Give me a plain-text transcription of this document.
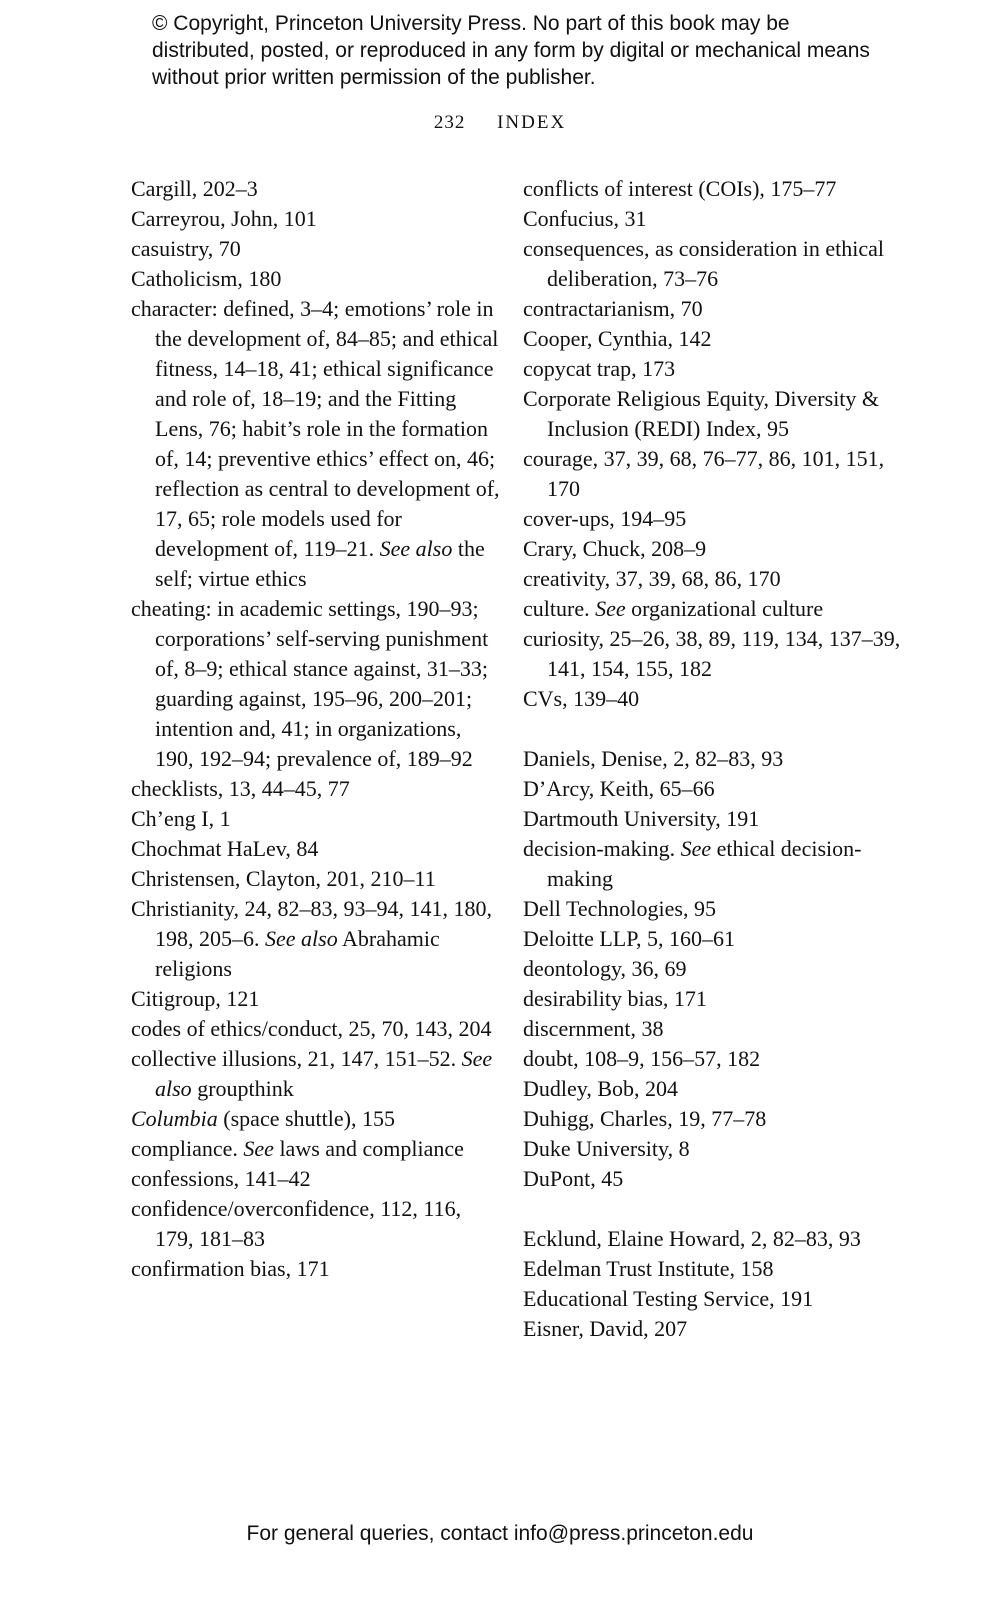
© Copyright, Princeton University Press. No part of this book may be distributed, posted, or reproduced in any form by digital or mechanical means without prior written permission of the publisher.
232 INDEX
Cargill, 202–3
Carreyrou, John, 101
casuistry, 70
Catholicism, 180
character: defined, 3–4; emotions’ role in the development of, 84–85; and ethical fitness, 14–18, 41; ethical significance and role of, 18–19; and the Fitting Lens, 76; habit’s role in the formation of, 14; preventive ethics’ effect on, 46; reflection as central to development of, 17, 65; role models used for development of, 119–21. See also the self; virtue ethics
cheating: in academic settings, 190–93; corporations’ self-serving punishment of, 8–9; ethical stance against, 31–33; guarding against, 195–96, 200–201; intention and, 41; in organizations, 190, 192–94; prevalence of, 189–92
checklists, 13, 44–45, 77
Ch’eng I, 1
Chochmat HaLev, 84
Christensen, Clayton, 201, 210–11
Christianity, 24, 82–83, 93–94, 141, 180, 198, 205–6. See also Abrahamic religions
Citigroup, 121
codes of ethics/conduct, 25, 70, 143, 204
collective illusions, 21, 147, 151–52. See also groupthink
Columbia (space shuttle), 155
compliance. See laws and compliance
confessions, 141–42
confidence/overconfidence, 112, 116, 179, 181–83
confirmation bias, 171
conflicts of interest (COIs), 175–77
Confucius, 31
consequences, as consideration in ethical deliberation, 73–76
contractarianism, 70
Cooper, Cynthia, 142
copycat trap, 173
Corporate Religious Equity, Diversity & Inclusion (REDI) Index, 95
courage, 37, 39, 68, 76–77, 86, 101, 151, 170
cover-ups, 194–95
Crary, Chuck, 208–9
creativity, 37, 39, 68, 86, 170
culture. See organizational culture
curiosity, 25–26, 38, 89, 119, 134, 137–39, 141, 154, 155, 182
CVs, 139–40
Daniels, Denise, 2, 82–83, 93
D’Arcy, Keith, 65–66
Dartmouth University, 191
decision-making. See ethical decision-making
Dell Technologies, 95
Deloitte LLP, 5, 160–61
deontology, 36, 69
desirability bias, 171
discernment, 38
doubt, 108–9, 156–57, 182
Dudley, Bob, 204
Duhigg, Charles, 19, 77–78
Duke University, 8
DuPont, 45
Ecklund, Elaine Howard, 2, 82–83, 93
Edelman Trust Institute, 158
Educational Testing Service, 191
Eisner, David, 207
For general queries, contact info@press.princeton.edu
